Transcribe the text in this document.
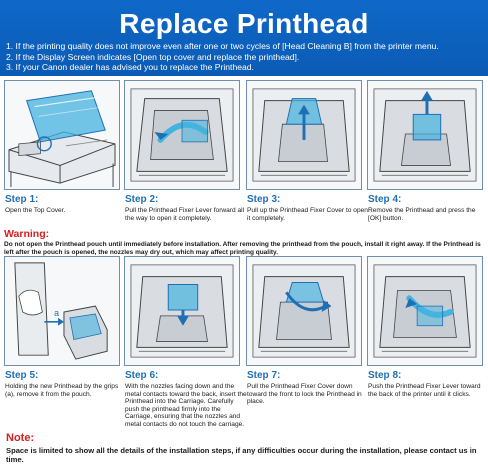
Replace Printhead
1. If the printing quality does not improve even after one or two cycles of [Head Cleaning B] from the printer menu.
2. If the Display Screen indicates [Open top cover and replace the printhead].
3. If your Canon dealer has advised you to replace the Printhead.
Step 1:
Open the Top Cover.
Step 2:
Pull the Printhead Fixer Lever forward all the way to open it completely.
Step 3:
Pull up the Printhead Fixer Cover to open it completely.
Step 4:
Remove the Printhead and press the [OK] button.
Warning:
Do not open the Printhead pouch until immediately before installation. After removing the printhead from the pouch, install it right away. If the Printhead is left after the pouch is opened, the nozzles may dry out, which may affect printing quality.
a
Step 5:
Holding the new Printhead by the grips (a), remove it from the pouch.
Step 6:
With the nozzles facing down and the metal contacts toward the back, insert the Printhead into the Carriage. Carefully push the printhead firmly into the Carriage, ensuring that the nozzles and metal contacts do not touch the carriage.
Step 7:
Pull the Printhead Fixer Cover down toward the front to lock the Printhead in place.
Step 8:
Push the Printhead Fixer Lever toward the back of the printer until it clicks.
Note:
Space is limited to show all the details of the installation steps, if any difficulties occur during the installation, please contact us in time.
